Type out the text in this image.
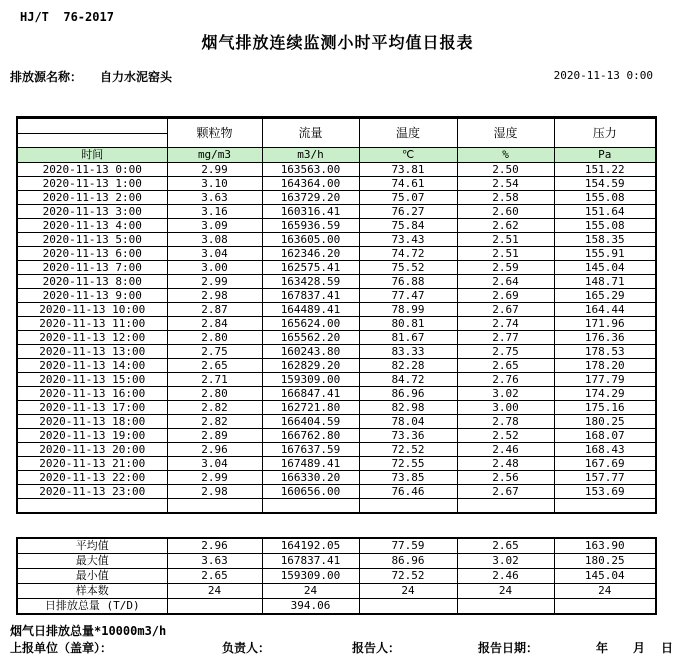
HJ/T  76-2017
烟气排放连续监测小时平均值日报表
排放源名称： 自力水泥窑头	2020-11-13 0:00
	颗粒物	流量	温度	湿度	压力
时间	mg/m3	m3/h	℃	%	Pa
2020-11-13 0:00	2.99	163563.00	73.81	2.50	151.22
2020-11-13 1:00	3.10	164364.00	74.61	2.54	154.59
2020-11-13 2:00	3.63	163729.20	75.07	2.58	155.08
2020-11-13 3:00	3.16	160316.41	76.27	2.60	151.64
2020-11-13 4:00	3.09	165936.59	75.84	2.62	155.08
2020-11-13 5:00	3.08	163605.00	73.43	2.51	158.35
2020-11-13 6:00	3.04	162346.20	74.72	2.51	155.91
2020-11-13 7:00	3.00	162575.41	75.52	2.59	145.04
2020-11-13 8:00	2.99	163428.59	76.88	2.64	148.71
2020-11-13 9:00	2.98	167837.41	77.47	2.69	165.29
2020-11-13 10:00	2.87	164489.41	78.99	2.67	164.44
2020-11-13 11:00	2.84	165624.00	80.81	2.74	171.96
2020-11-13 12:00	2.80	165562.20	81.67	2.77	176.36
2020-11-13 13:00	2.75	160243.80	83.33	2.75	178.53
2020-11-13 14:00	2.65	162829.20	82.28	2.65	178.20
2020-11-13 15:00	2.71	159309.00	84.72	2.76	177.79
2020-11-13 16:00	2.80	166847.41	86.96	3.02	174.29
2020-11-13 17:00	2.82	162721.80	82.98	3.00	175.16
2020-11-13 18:00	2.82	166404.59	78.04	2.78	180.25
2020-11-13 19:00	2.89	166762.80	73.36	2.52	168.07
2020-11-13 20:00	2.96	167637.59	72.52	2.46	168.43
2020-11-13 21:00	3.04	167489.41	72.55	2.48	167.69
2020-11-13 22:00	2.99	166330.20	73.85	2.56	157.77
2020-11-13 23:00	2.98	160656.00	76.46	2.67	153.69

平均值	2.96	164192.05	77.59	2.65	163.90
最大值	3.63	167837.41	86.96	3.02	180.25
最小值	2.65	159309.00	72.52	2.46	145.04
样本数	24	24	24	24	24
日排放总量 (T/D)		394.06			
烟气日排放总量*10000m3/h
上报单位（盖章）：	负责人：	报告人：	报告日期：	年 月 日
